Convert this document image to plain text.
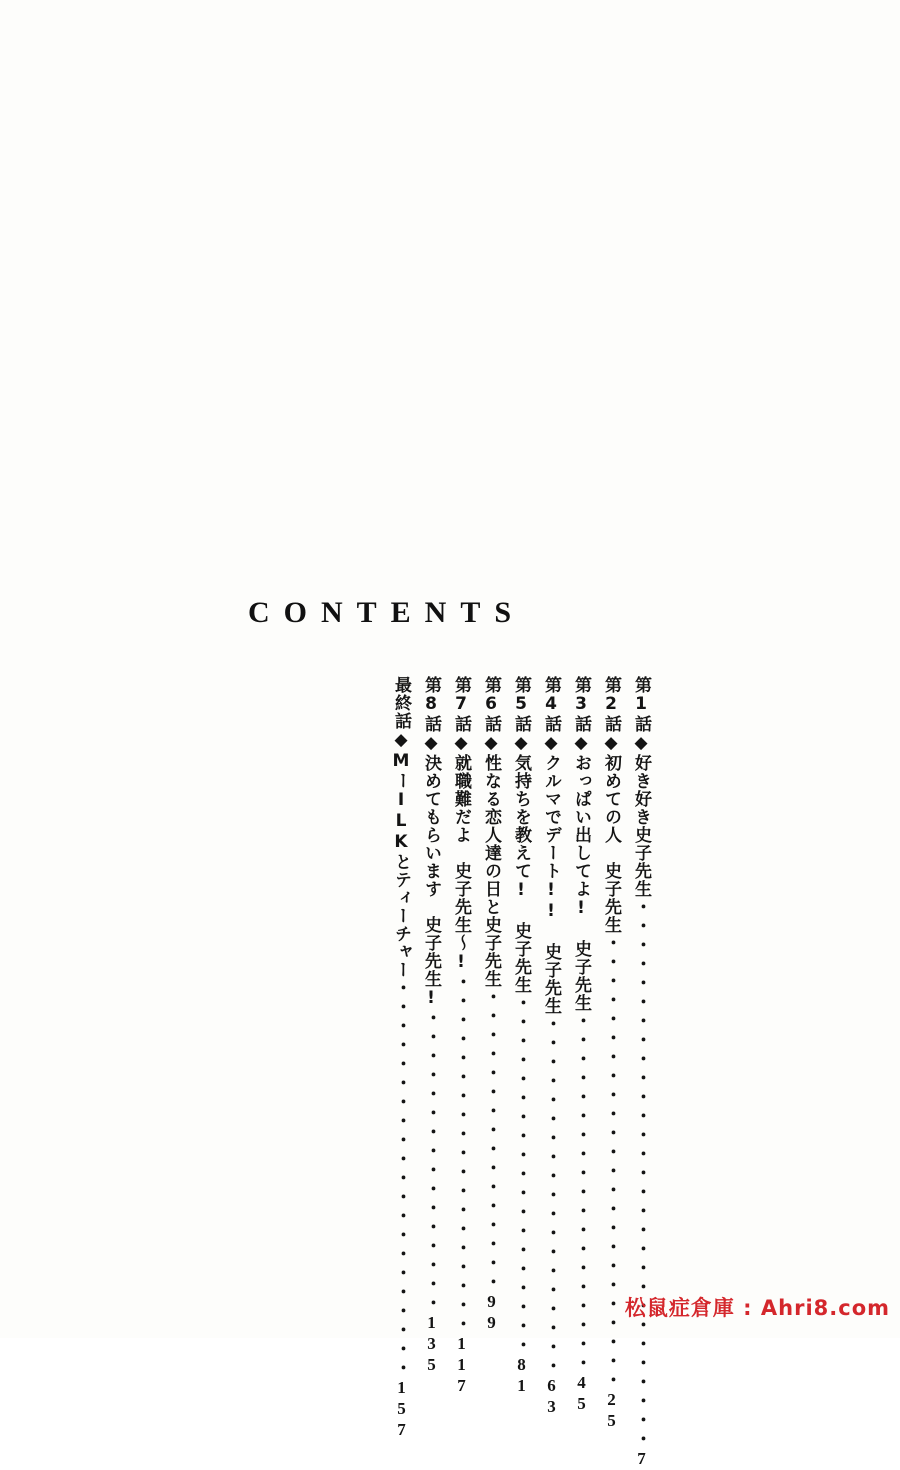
CONTENTS
第1話◆好き好き史子先生・・・・・・・・・・・・・・・・・・・・・・・・・・・・・7
第2話◆初めての人　史子先生・・・・・・・・・・・・・・・・・・・・・・・・25
第3話◆おっぱい出してよ! 史子先生・・・・・・・・・・・・・・・・・・・45
第4話◆クルマでデート!! 史子先生・・・・・・・・・・・・・・・・・・・63
第5話◆気持ちを教えて! 史子先生・・・・・・・・・・・・・・・・・・・81
第6話◆性なる恋人達の日と史子先生・・・・・・・・・・・・・・・・99
第7話◆就職難だよ　史子先生〜!・・・・・・・・・・・・・・・・・・・117
第8話◆決めてもらいます　史子先生!・・・・・・・・・・・・・・・・135
最終話◆MーILKとティーチャー・・・・・・・・・・・・・・・・・・・・・157
松鼠症倉庫 : Ahri8.com
